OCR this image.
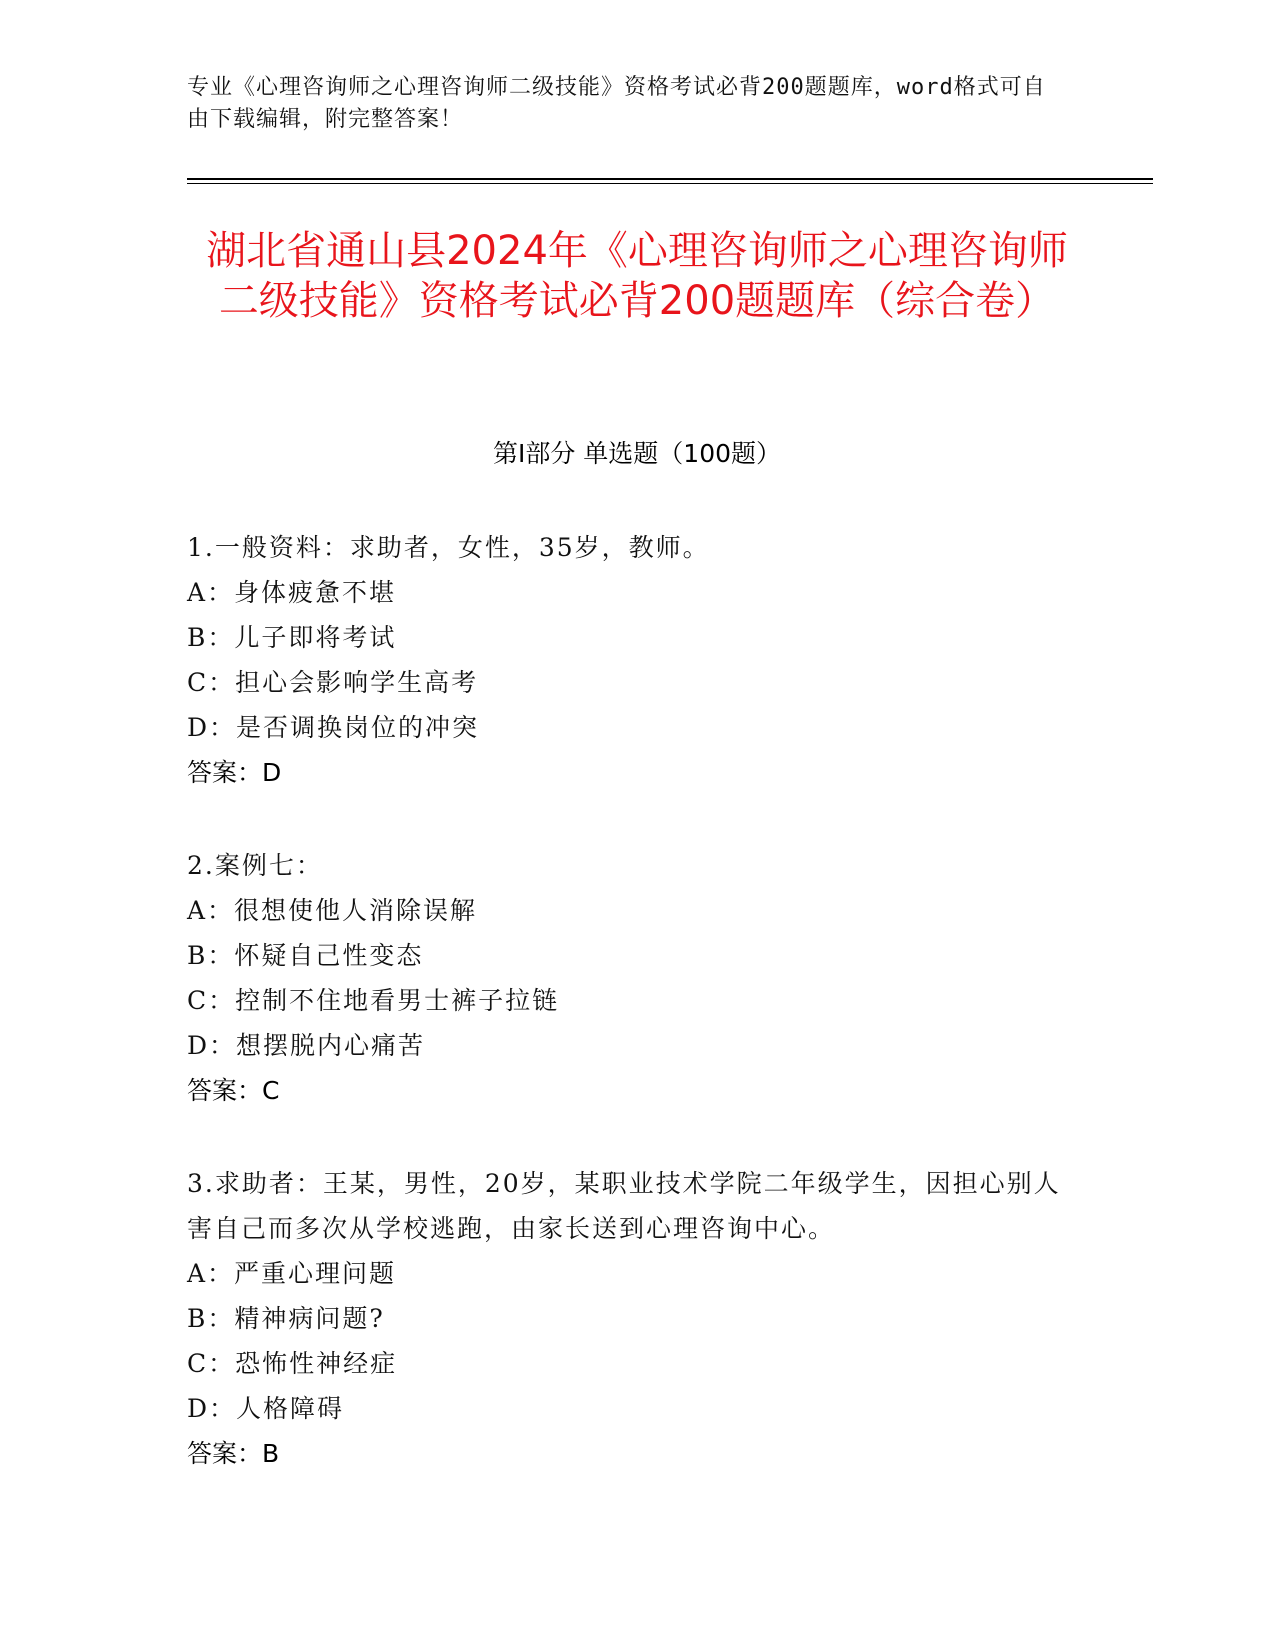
专业《心理咨询师之心理咨询师二级技能》资格考试必背200题题库，word格式可自由下载编辑，附完整答案！
湖北省通山县2024年《心理咨询师之心理咨询师二级技能》资格考试必背200题题库（综合卷）
第Ⅰ部分 单选题（100题）
1.一般资料：求助者，女性，35岁，教师。
A：身体疲惫不堪
B：儿子即将考试
C：担心会影响学生高考
D：是否调换岗位的冲突
答案：D
2.案例七：
A：很想使他人消除误解
B：怀疑自己性变态
C：控制不住地看男士裤子拉链
D：想摆脱内心痛苦
答案：C
3.求助者：王某，男性，20岁，某职业技术学院二年级学生，因担心别人害自己而多次从学校逃跑，由家长送到心理咨询中心。
A：严重心理问题
B：精神病问题?
C：恐怖性神经症
D：人格障碍
答案：B
